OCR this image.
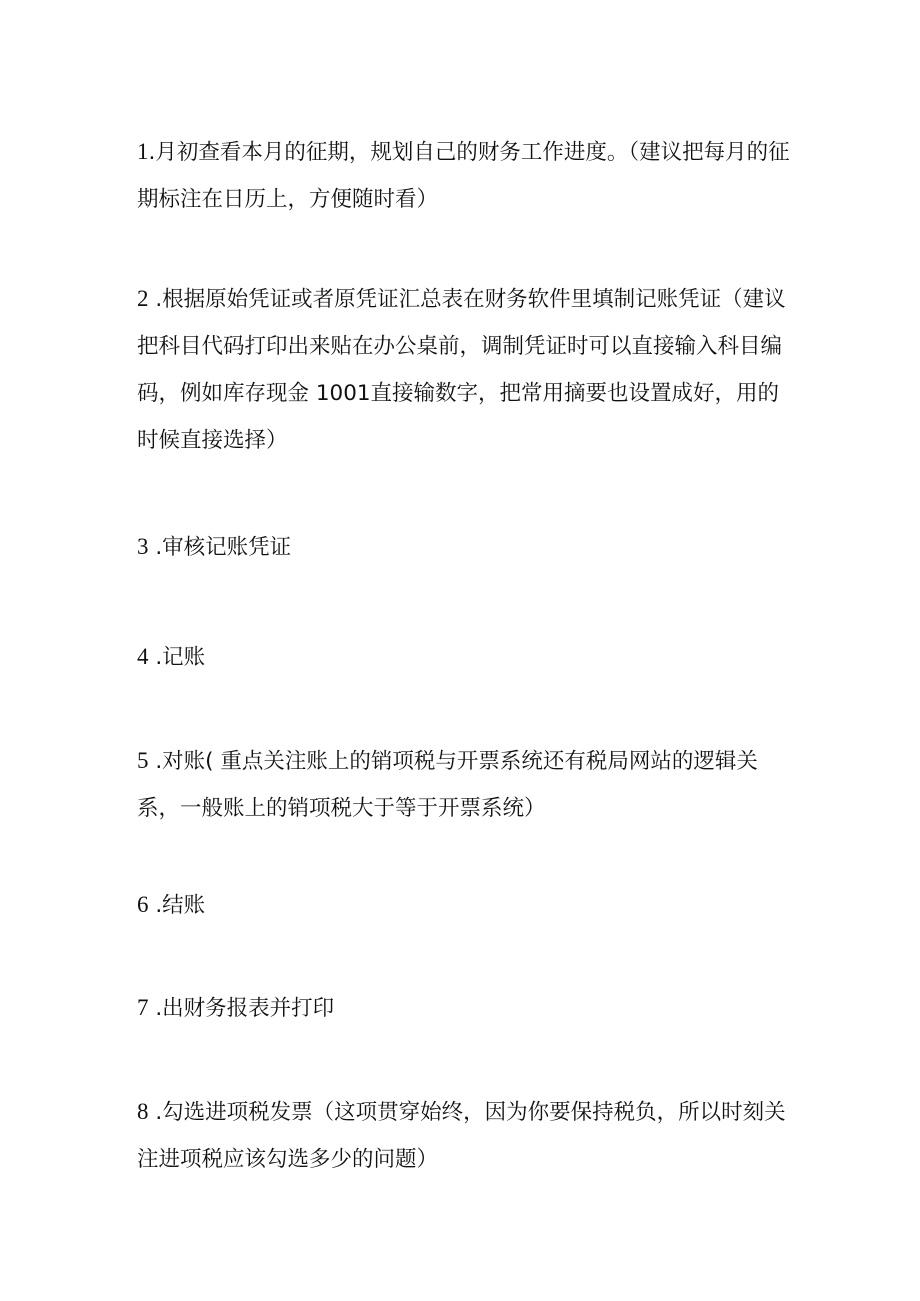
1.月初查看本月的征期，规划自己的财务工作进度。（建议把每月的征期标注在日历上，方便随时看）
2 .根据原始凭证或者原凭证汇总表在财务软件里填制记账凭证（建议把科目代码打印出来贴在办公桌前，调制凭证时可以直接输入科目编码，例如库存现金 1001直接输数字，把常用摘要也设置成好，用的时候直接选择）
3 .审核记账凭证
4 .记账
5 .对账( 重点关注账上的销项税与开票系统还有税局网站的逻辑关系，一般账上的销项税大于等于开票系统）
6 .结账
7 .出财务报表并打印
8 .勾选进项税发票（这项贯穿始终，因为你要保持税负，所以时刻关注进项税应该勾选多少的问题）
